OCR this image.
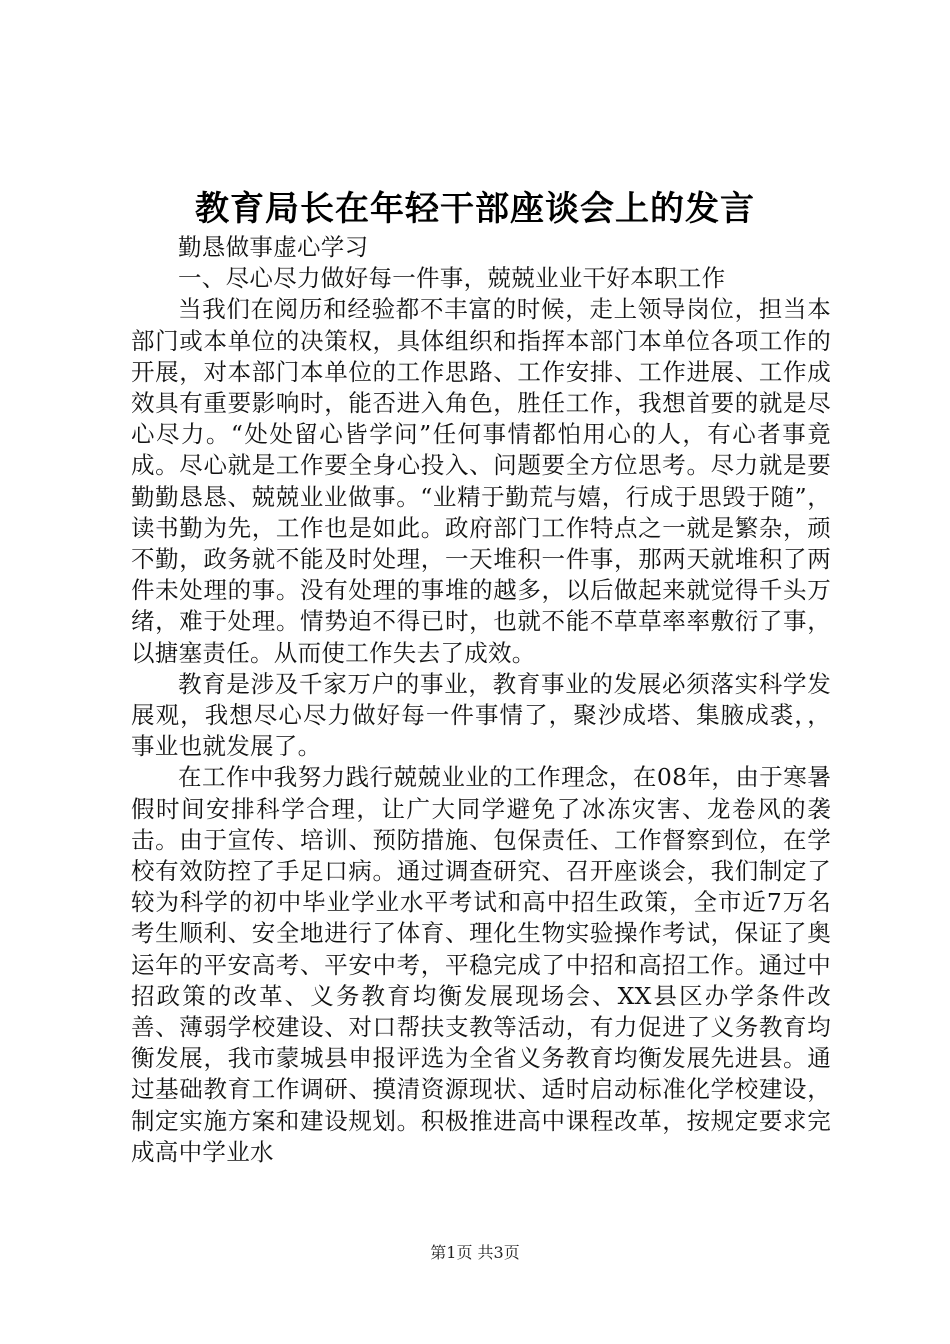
教育局长在年轻干部座谈会上的发言

勤恳做事虚心学习

一、尽心尽力做好每一件事，兢兢业业干好本职工作

当我们在阅历和经验都不丰富的时候，走上领导岗位，担当本部门或本单位的决策权，具体组织和指挥本部门本单位各项工作的开展，对本部门本单位的工作思路、工作安排、工作进展、工作成效具有重要影响时，能否进入角色，胜任工作，我想首要的就是尽心尽力。“处处留心皆学问”任何事情都怕用心的人，有心者事竟成。尽心就是工作要全身心投入、问题要全方位思考。尽力就是要勤勤恳恳、兢兢业业做事。“业精于勤荒与嬉，行成于思毁于随”，读书勤为先，工作也是如此。政府部门工作特点之一就是繁杂，顽不勤，政务就不能及时处理，一天堆积一件事，那两天就堆积了两件未处理的事。没有处理的事堆的越多，以后做起来就觉得千头万绪，难于处理。情势迫不得已时，也就不能不草草率率敷衍了事，以搪塞责任。从而使工作失去了成效。

教育是涉及千家万户的事业，教育事业的发展必须落实科学发展观，我想尽心尽力做好每一件事情了，聚沙成塔、集腋成裘，，事业也就发展了。

在工作中我努力践行兢兢业业的工作理念，在08年，由于寒暑假时间安排科学合理，让广大同学避免了冰冻灾害、龙卷风的袭击。由于宣传、培训、预防措施、包保责任、工作督察到位，在学校有效防控了手足口病。通过调查研究、召开座谈会，我们制定了较为科学的初中毕业学业水平考试和高中招生政策，全市近7万名考生顺利、安全地进行了体育、理化生物实验操作考试，保证了奥运年的平安高考、平安中考，平稳完成了中招和高招工作。通过中招政策的改革、义务教育均衡发展现场会、XX县区办学条件改善、薄弱学校建设、对口帮扶支教等活动，有力促进了义务教育均衡发展，我市蒙城县申报评选为全省义务教育均衡发展先进县。通过基础教育工作调研、摸清资源现状、适时启动标准化学校建设，制定实施方案和建设规划。积极推进高中课程改革，按规定要求完成高中学业水

第1页 共3页
